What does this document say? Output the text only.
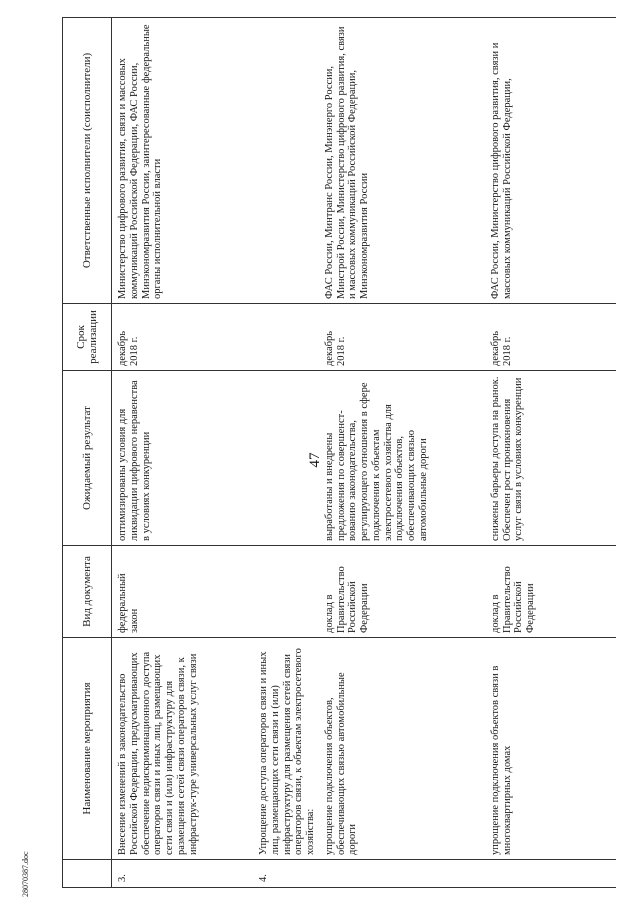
47
28070387.doc
	Наименование мероприятия	Вид документа	Ожидаемый результат	Срок реализации	Ответственные исполнители (соисполнители)
3.	Внесение изменений в законодательство Российской Федерации, предусматривающих обеспечение недискриминационного доступа операторов связи и иных лиц, размещающих сети связи и (или) инфраструктуру для размещения сетей связи операторов связи, к инфраструк-туре универсальных услуг связи	федеральный закон	оптимизированы условия для ликвидации цифрового неравенства в условиях конкуренции	декабрь 2018 г.	Министерство цифрового развития, связи и массовых коммуникаций Российской Федерации, ФАС России, Минэкономразвития России, заинтересованные федеральные органы исполнительной власти
4.	Упрощение доступа операторов связи и иных лиц, размещающих сети связи и (или) инфраструктуру для размещения сетей связи операторов связи, к объектам электросетевого хозяйства:				
	упрощение подключения объектов, обеспечивающих связью автомобильные дороги	доклад в Правительство Российской Федерации	выработаны и внедрены предложения по совершенст-вованию законодательства, регулирующего отношения в сфере подключения к объектам электросетевого хозяйства для подключения объектов, обеспечивающих связью автомобильные дороги	декабрь 2018 г.	ФАС России, Минтранс России, Минэнерго России, Минстрой России, Министерство цифрового развития, связи и массовых коммуникаций Российской Федерации, Минэкономразвития России
	упрощение подключения объектов связи в многоквартирных домах	доклад в Правительство Российской Федерации	снижены барьеры доступа на рынок. Обеспечен рост проникновения услуг связи в условиях конкуренции	декабрь 2018 г.	ФАС России, Министерство цифрового развития, связи и массовых коммуникаций Российской Федерации,
